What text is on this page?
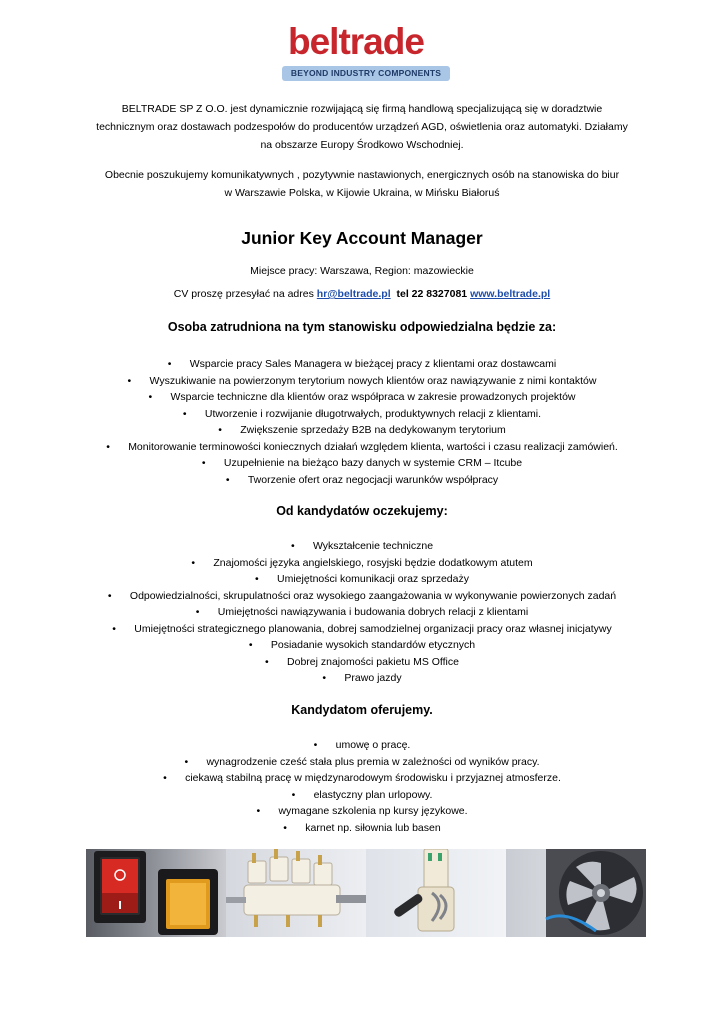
beltrade
BEYOND INDUSTRY COMPONENTS
BELTRADE SP Z O.O. jest dynamicznie rozwijającą się firmą handlową specjalizującą się w doradztwie
technicznym oraz dostawach podzespołów do producentów urządzeń AGD, oświetlenia oraz automatyki. Działamy
na obszarze Europy Środkowo Wschodniej.
Obecnie poszukujemy komunikatywnych , pozytywnie nastawionych, energicznych osób na stanowiska do biur
w Warszawie Polska, w Kijowie Ukraina, w Mińsku Białoruś
Junior Key Account Manager
Miejsce pracy: Warszawa, Region: mazowieckie
CV proszę przesyłać na adres hr@beltrade.pl tel 22 8327081 www.beltrade.pl
Osoba zatrudniona na tym stanowisku odpowiedzialna będzie za:
• Wsparcie pracy Sales Managera w bieżącej pracy z klientami oraz dostawcami
• Wyszukiwanie na powierzonym terytorium nowych klientów oraz nawiązywanie z nimi kontaktów
• Wsparcie techniczne dla klientów oraz współpraca w zakresie prowadzonych projektów
• Utworzenie i rozwijanie długotrwałych, produktywnych relacji z klientami.
• Zwiększenie sprzedaży B2B na dedykowanym terytorium
• Monitorowanie terminowości koniecznych działań względem klienta, wartości i czasu realizacji zamówień.
• Uzupełnienie na bieżąco bazy danych w systemie CRM – Itcube
• Tworzenie ofert oraz negocjacji warunków współpracy
Od kandydatów oczekujemy:
• Wykształcenie techniczne
• Znajomości języka angielskiego, rosyjski będzie dodatkowym atutem
• Umiejętności komunikacji oraz sprzedaży
• Odpowiedzialności, skrupulatności oraz wysokiego zaangażowania w wykonywanie powierzonych zadań
• Umiejętności nawiązywania i budowania dobrych relacji z klientami
• Umiejętności strategicznego planowania, dobrej samodzielnej organizacji pracy oraz własnej inicjatywy
• Posiadanie wysokich standardów etycznych
• Dobrej znajomości pakietu MS Office
• Prawo jazdy
Kandydatom oferujemy.
• umowę o pracę.
• wynagrodzenie cześć stała plus premia w zależności od wyników pracy.
• ciekawą stabilną pracę w międzynarodowym środowisku i przyjaznej atmosferze.
• elastyczny plan urlopowy.
• wymagane szkolenia np kursy językowe.
• karnet np. siłownia lub basen
